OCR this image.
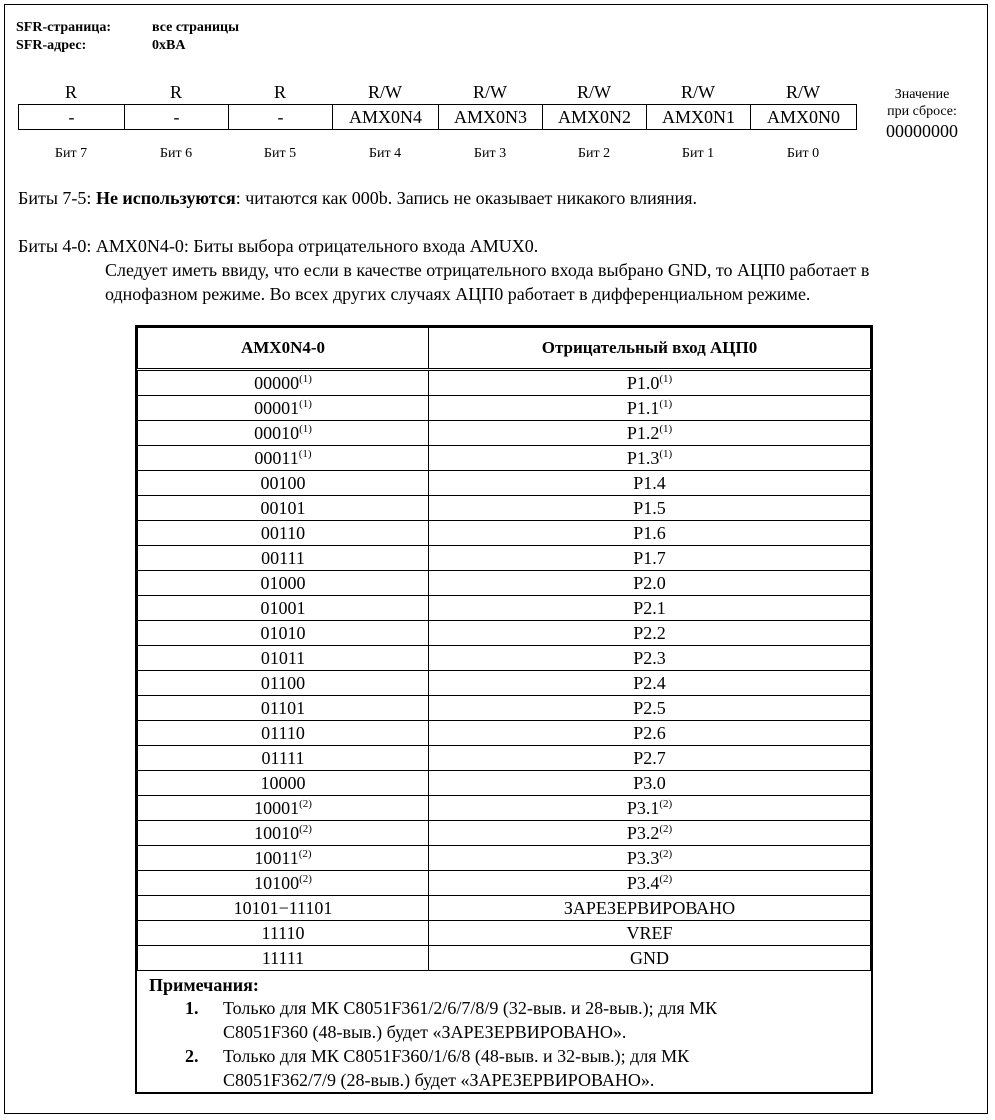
SFR-страница:	все страницы
SFR-адрес:	0xBA
R	R	R	R/W	R/W	R/W	R/W	R/W
-	-	-	AMX0N4	AMX0N3	AMX0N2	AMX0N1	AMX0N0
Бит 7	Бит 6	Бит 5	Бит 4	Бит 3	Бит 2	Бит 1	Бит 0
Значение
при сбросе:
00000000
Биты 7-5: Не используются: читаются как 000b. Запись не оказывает никакого влияния.
Биты 4-0: AMX0N4-0: Биты выбора отрицательного входа AMUX0.
Следует иметь ввиду, что если в качестве отрицательного входа выбрано GND, то АЦП0 работает в
однофазном режиме. Во всех других случаях АЦП0 работает в дифференциальном режиме.
AMX0N4-0	Отрицательный вход АЦП0
00000$^{(1)}$	P1.0$^{(1)}$
00001$^{(1)}$	P1.1$^{(1)}$
00010$^{(1)}$	P1.2$^{(1)}$
00011$^{(1)}$	P1.3$^{(1)}$
00100	P1.4
00101	P1.5
00110	P1.6
00111	P1.7
01000	P2.0
01001	P2.1
01010	P2.2
01011	P2.3
01100	P2.4
01101	P2.5
01110	P2.6
01111	P2.7
10000	P3.0
10001$^{(2)}$	P3.1$^{(2)}$
10010$^{(2)}$	P3.2$^{(2)}$
10011$^{(2)}$	P3.3$^{(2)}$
10100$^{(2)}$	P3.4$^{(2)}$
10101−11101	ЗАРЕЗЕРВИРОВАНО
11110	VREF
11111	GND
Примечания:
1.	Только для МК C8051F361/2/6/7/8/9 (32-выв. и 28-выв.); для МК
C8051F360 (48-выв.) будет «ЗАРЕЗЕРВИРОВАНО».
2.	Только для МК C8051F360/1/6/8 (48-выв. и 32-выв.); для МК
C8051F362/7/9 (28-выв.) будет «ЗАРЕЗЕРВИРОВАНО».
